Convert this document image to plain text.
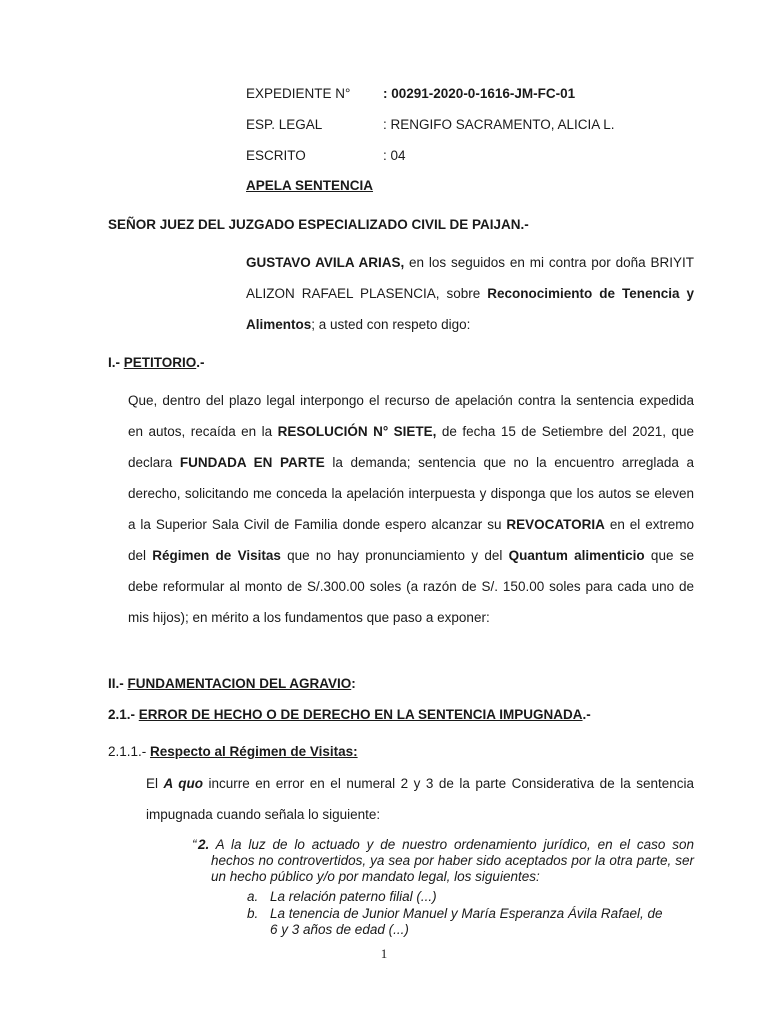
EXPEDIENTE N° : 00291-2020-0-1616-JM-FC-01
ESP. LEGAL	: RENGIFO SACRAMENTO, ALICIA L.
ESCRITO	: 04
APELA SENTENCIA
SEÑOR JUEZ DEL JUZGADO ESPECIALIZADO CIVIL DE PAIJAN.-
GUSTAVO AVILA ARIAS, en los seguidos en mi contra por doña BRIYIT ALIZON RAFAEL PLASENCIA, sobre Reconocimiento de Tenencia y Alimentos; a usted con respeto digo:
I.- PETITORIO.-
Que, dentro del plazo legal interpongo el recurso de apelación contra la sentencia expedida en autos, recaída en la RESOLUCIÓN N° SIETE, de fecha 15 de Setiembre del 2021, que declara FUNDADA EN PARTE la demanda; sentencia que no la encuentro arreglada a derecho, solicitando me conceda la apelación interpuesta y disponga que los autos se eleven a la Superior Sala Civil de Familia donde espero alcanzar su REVOCATORIA en el extremo del Régimen de Visitas que no hay pronunciamiento y del Quantum alimenticio que se debe reformular al monto de S/.300.00 soles (a razón de S/. 150.00 soles para cada uno de mis hijos); en mérito a los fundamentos que paso a exponer:
II.- FUNDAMENTACION DEL AGRAVIO:
2.1.- ERROR DE HECHO O DE DERECHO EN LA SENTENCIA IMPUGNADA.-
2.1.1.- Respecto al Régimen de Visitas:
El A quo incurre en error en el numeral 2 y 3 de la parte Considerativa de la sentencia impugnada cuando señala lo siguiente:
“ 2. A la luz de lo actuado y de nuestro ordenamiento jurídico, en el caso son hechos no controvertidos, ya sea por haber sido aceptados por la otra parte, ser un hecho público y/o por mandato legal, los siguientes:
a. La relación paterno filial (...)
b. La tenencia de Junior Manuel y María Esperanza Ávila Rafael, de
6 y 3 años de edad (...)
1
